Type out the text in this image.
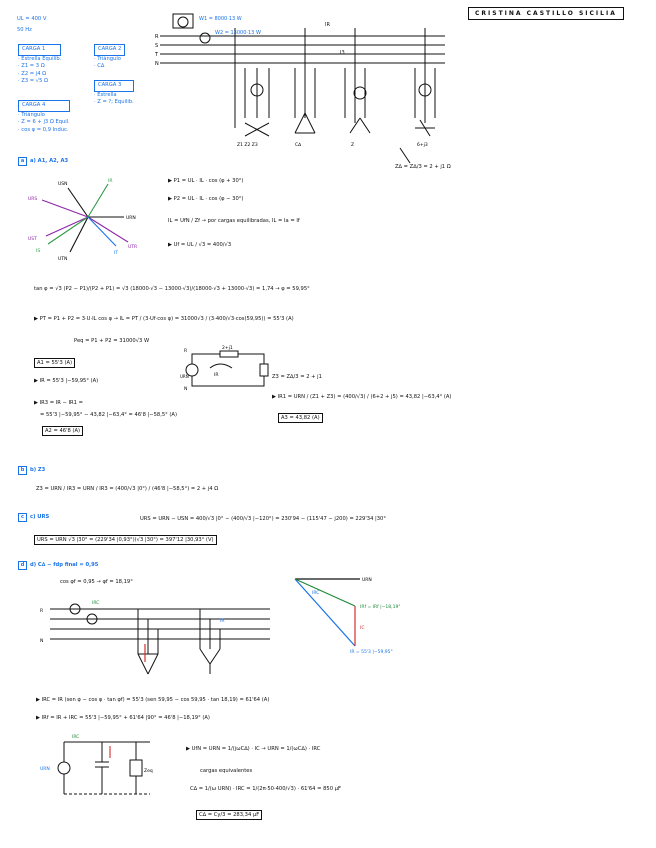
CRISTINA CASTILLO SICILIA
UL = 400 V
50 Hz
CARGA 1
· Estrella Equilib.
· Z1 = 3 Ω
· Z2 = j4 Ω
· Z3 = √5 Ω
CARGA 2
· Triángulo
· C∆
CARGA 3
· Estrella
· Z = ?; Equilib.
CARGA 4
· Triángulo
· Z = 6 + j3 Ω Equil.
· cos φ = 0,9 Induc.
W1 = 8000·13 W
W2 = 13000·13 W
IR
I3
R
S
T
N
Z1 Z2 Z3	C∆	Z	6+j3
Z∆ = Z∆/3 = 2 + j1 Ω
a a) A1, A2, A3
URN
USN
UTN
URS
UST
UTR
IR
IS	IT
▶ P1 = UL · IL · cos (φ + 30°)
▶ P2 = UL · IL · cos (φ − 30°)
IL = UfN / Zf → por cargas equilibradas, IL = Ia = If
▶ Uf = UL / √3 = 400/√3
tan φ = √3 (P2 − P1)/(P2 + P1) = √3 (18000·√3 − 13000·√3)/(18000·√3 + 13000·√3) = 1,74 → φ = 59,95°
▶ PT = P1 + P2 = 3·U·IL cos φ → IL = PT / (3·Uf·cos φ) = 31000√3 / (3·400/√3·cos(59,95)) = 55'3 (A)
Peq = P1 + P2 = 31000√3 W
A1 = 55'3 (A)
▶ IR = 55'3 |−59,95° (A)
▶ IR3 = IR − IR1 =
= 55'3 |−59,95° − 43,82 |−63,4° = 46'8 |−58,5° (A)
A2 = 46'8 (A)
R
N
URN	IR
2+j1
Z3 = Z∆/3 = 2 + j1
▶ IR1 = URN / (Z1 + Z3) = (400/√3) / (6+2 + j5) = 43,82 |−63,4° (A)
A3 = 43,82 (A)
b b) Z3
Z3 = URN / IR3 = URN / IR3 = (400/√3 |0°) / (46'8 |−58,5°) = 2 + j4 Ω
c c) URS	URS = URN − USN = 400/√3 |0° − (400/√3 |−120°) = 230'94 − (115'47 − j200) = 229'34 |30°
URS = URN √3 |30° = (229'34 |0,93°)(√3 |30°) = 397'12 |30,93° (V)
d d) C∆ − fdp final = 0,95
cos φf = 0,95 → φf = 18,19°
IRC
R
N
IR
URN
IC
IRC
IR = 55'3 |−59,95°
IRf = IRf |−18,19°
▶ IRC = IR (sen φ − cos φ · tan φf) = 55'3 (sen 59,95 − cos 59,95 · tan 18,19) = 61'64 (A)
▶ IRf = IR + IRC = 55'3 |−59,95° + 61'64 |90° = 46'8 |−18,19° (A)
IRC
URN	Zeq
▶ UfN = URN = 1/(jωC∆) · IC → URN = 1/(ωC∆) · IRC
cargas equivalentes
C∆ = 1/(ω URN) · IRC = 1/(2π·50·400/√3) · 61'64 = 850 μF
C∆ = Cy/3 = 283,34 μF
